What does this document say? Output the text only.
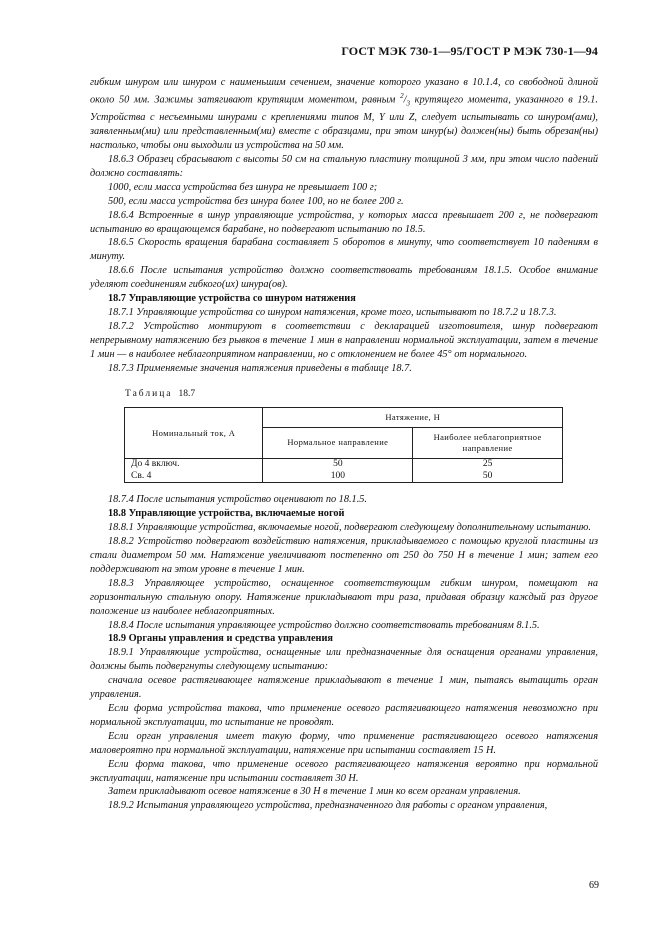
ГОСТ МЭК 730-1—95/ГОСТ Р МЭК 730-1—94

гибким шнуром или шнуром с наименьшим сечением, значение которого указано в 10.1.4, со свободной длиной около 50 мм. Зажимы затягивают крутящим моментом, равным $^2/_3$ крутящего момента, указанного в 19.1. Устройства с несъемными шнурами с креплениями типов М, Y или Z, следует испытывать со шнуром(ами), заявленным(ми) или представленным(ми) вместе с образцами, при этом шнур(ы) должен(ны) быть обрезан(ны) настолько, чтобы они выходили из устройства на 50 мм.

18.6.3 Образец сбрасывают с высоты 50 см на стальную пластину толщиной 3 мм, при этом число падений должно составлять:

1000, если масса устройства без шнура не превышает 100 г;

500, если масса устройства без шнура более 100, но не более 200 г.

18.6.4 Встроенные в шнур управляющие устройства, у которых масса превышает 200 г, не подвергают испытанию во вращающемся барабане, но подвергают испытанию по 18.5.

18.6.5 Скорость вращения барабана составляет 5 оборотов в минуту, что соответствует 10 падениям в минуту.

18.6.6 После испытания устройство должно соответствовать требованиям 18.1.5. Особое внимание уделяют соединениям гибкого(их) шнура(ов).

18.7 Управляющие устройства со шнуром натяжения

18.7.1 Управляющие устройства со шнуром натяжения, кроме того, испытывают по 18.7.2 и 18.7.3.

18.7.2 Устройство монтируют в соответствии с декларацией изготовителя, шнур подвергают непрерывному натяжению без рывков в течение 1 мин в направлении нормальной эксплуатации, затем в течение 1 мин — в наиболее неблагоприятном направлении, но с отклонением не более 45° от нормального.

18.7.3 Применяемые значения натяжения приведены в таблице 18.7.

Таблица 18.7
Номинальный ток, А	Натяжение, Н	
	Нормальное направление	Наиболее неблагоприятное направление
До 4 включ.	50	25
Св. 4	100	50

18.7.4 После испытания устройство оценивают по 18.1.5.

18.8 Управляющие устройства, включаемые ногой

18.8.1 Управляющие устройства, включаемые ногой, подвергают следующему дополнительному испытанию.

18.8.2 Устройство подвергают воздействию натяжения, прикладываемого с помощью круглой пластины из стали диаметром 50 мм. Натяжение увеличивают постепенно от 250 до 750 Н в течение 1 мин; затем его поддерживают на этом уровне в течение 1 мин.

18.8.3 Управляющее устройство, оснащенное соответствующим гибким шнуром, помещают на горизонтальную стальную опору. Натяжение прикладывают три раза, придавая образцу каждый раз другое положение из наиболее неблагоприятных.

18.8.4 После испытания управляющее устройство должно соответствовать требованиям 8.1.5.

18.9 Органы управления и средства управления

18.9.1 Управляющие устройства, оснащенные или предназначенные для оснащения органами управления, должны быть подвергнуты следующему испытанию:

сначала осевое растягивающее натяжение прикладывают в течение 1 мин, пытаясь вытащить орган управления.

Если форма устройства такова, что применение осевого растягивающего натяжения невозможно при нормальной эксплуатации, то испытание не проводят.

Если орган управления имеет такую форму, что применение растягивающего осевого натяжения маловероятно при нормальной эксплуатации, натяжение при испытании составляет 15 Н.

Если форма такова, что применение осевого растягивающего натяжения вероятно при нормальной эксплуатации, натяжение при испытании составляет 30 Н.

Затем прикладывают осевое натяжение в 30 Н в течение 1 мин ко всем органам управления.

18.9.2 Испытания управляющего устройства, предназначенного для работы с органом управления,

69
